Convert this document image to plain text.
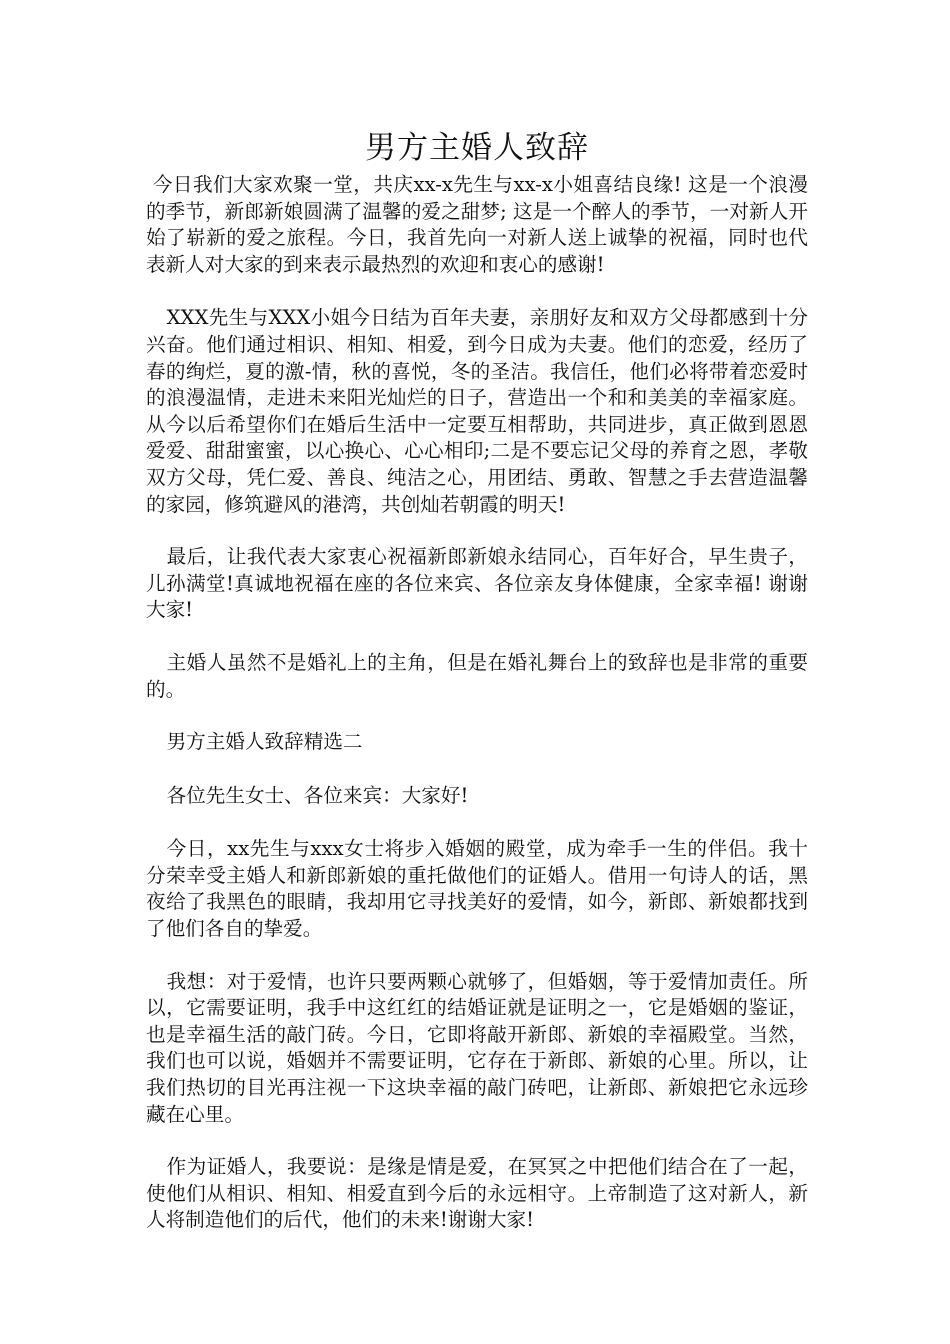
男方主婚人致辞

今日我们大家欢聚一堂，共庆xx-x先生与xx-x小姐喜结良缘! 这是一个浪漫的季节，新郎新娘圆满了温馨的爱之甜梦; 这是一个醉人的季节，一对新人开始了崭新的爱之旅程。今日，我首先向一对新人送上诚挚的祝福，同时也代表新人对大家的到来表示最热烈的欢迎和衷心的感谢!

XXX先生与XXX小姐今日结为百年夫妻，亲朋好友和双方父母都感到十分兴奋。他们通过相识、相知、相爱，到今日成为夫妻。他们的恋爱，经历了春的绚烂，夏的激-情，秋的喜悦，冬的圣洁。我信任，他们必将带着恋爱时的浪漫温情，走进未来阳光灿烂的日子，营造出一个和和美美的幸福家庭。从今以后希望你们在婚后生活中一定要互相帮助，共同进步，真正做到恩恩爱爱、甜甜蜜蜜，以心换心、心心相印;二是不要忘记父母的养育之恩，孝敬双方父母，凭仁爱、善良、纯洁之心，用团结、勇敢、智慧之手去营造温馨的家园，修筑避风的港湾，共创灿若朝霞的明天!

最后，让我代表大家衷心祝福新郎新娘永结同心，百年好合，早生贵子，儿孙满堂!真诚地祝福在座的各位来宾、各位亲友身体健康，全家幸福! 谢谢大家!

主婚人虽然不是婚礼上的主角，但是在婚礼舞台上的致辞也是非常的重要的。

男方主婚人致辞精选二

各位先生女士、各位来宾：大家好!

今日，xx先生与xxx女士将步入婚姻的殿堂，成为牵手一生的伴侣。我十分荣幸受主婚人和新郎新娘的重托做他们的证婚人。借用一句诗人的话，黑夜给了我黑色的眼睛，我却用它寻找美好的爱情，如今，新郎、新娘都找到了他们各自的挚爱。

我想：对于爱情，也许只要两颗心就够了，但婚姻，等于爱情加责任。所以，它需要证明，我手中这红红的结婚证就是证明之一，它是婚姻的鉴证，也是幸福生活的敲门砖。今日，它即将敲开新郎、新娘的幸福殿堂。当然，我们也可以说，婚姻并不需要证明，它存在于新郎、新娘的心里。所以，让我们热切的目光再注视一下这块幸福的敲门砖吧，让新郎、新娘把它永远珍藏在心里。

作为证婚人，我要说：是缘是情是爱，在冥冥之中把他们结合在了一起，使他们从相识、相知、相爱直到今后的永远相守。上帝制造了这对新人，新人将制造他们的后代，他们的未来!谢谢大家!
